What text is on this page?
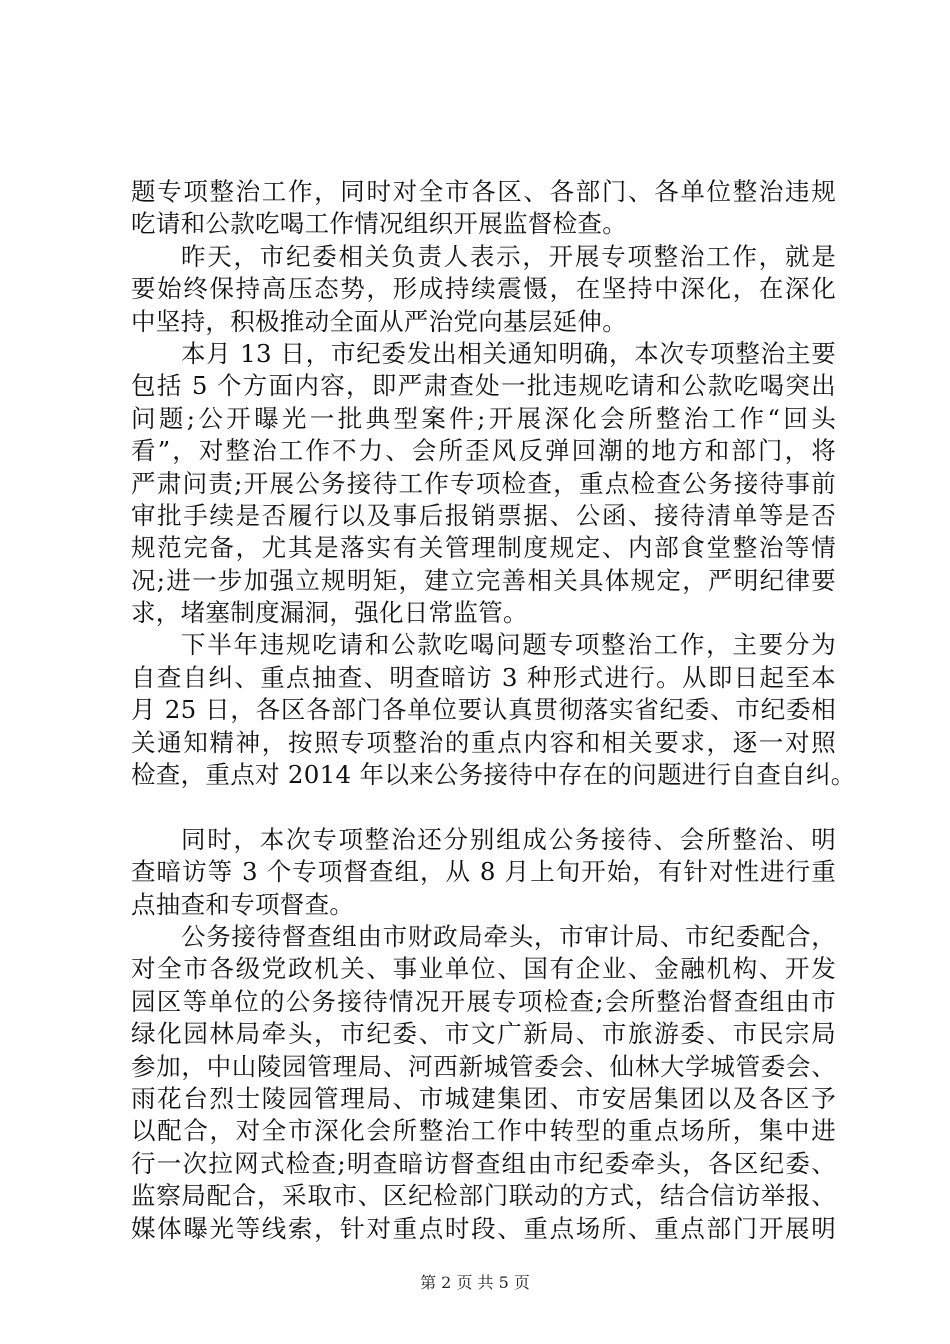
题专项整治工作，同时对全市各区、各部门、各单位整治违规
吃请和公款吃喝工作情况组织开展监督检查。
昨天，市纪委相关负责人表示，开展专项整治工作，就是
要始终保持高压态势，形成持续震慑，在坚持中深化，在深化
中坚持，积极推动全面从严治党向基层延伸。
本月 13 日，市纪委发出相关通知明确，本次专项整治主要
包括 5 个方面内容，即严肃查处一批违规吃请和公款吃喝突出
问题;公开曝光一批典型案件;开展深化会所整治工作“回头
看”，对整治工作不力、会所歪风反弹回潮的地方和部门，将
严肃问责;开展公务接待工作专项检查，重点检查公务接待事前
审批手续是否履行以及事后报销票据、公函、接待清单等是否
规范完备，尤其是落实有关管理制度规定、内部食堂整治等情
况;进一步加强立规明矩，建立完善相关具体规定，严明纪律要
求，堵塞制度漏洞，强化日常监管。
下半年违规吃请和公款吃喝问题专项整治工作，主要分为
自查自纠、重点抽查、明查暗访 3 种形式进行。从即日起至本
月 25 日，各区各部门各单位要认真贯彻落实省纪委、市纪委相
关通知精神，按照专项整治的重点内容和相关要求，逐一对照
检查，重点对 2014 年以来公务接待中存在的问题进行自查自纠。
同时，本次专项整治还分别组成公务接待、会所整治、明
查暗访等 3 个专项督查组，从 8 月上旬开始，有针对性进行重
点抽查和专项督查。
公务接待督查组由市财政局牵头，市审计局、市纪委配合，
对全市各级党政机关、事业单位、国有企业、金融机构、开发
园区等单位的公务接待情况开展专项检查;会所整治督查组由市
绿化园林局牵头，市纪委、市文广新局、市旅游委、市民宗局
参加，中山陵园管理局、河西新城管委会、仙林大学城管委会、
雨花台烈士陵园管理局、市城建集团、市安居集团以及各区予
以配合，对全市深化会所整治工作中转型的重点场所，集中进
行一次拉网式检查;明查暗访督查组由市纪委牵头，各区纪委、
监察局配合，采取市、区纪检部门联动的方式，结合信访举报、
媒体曝光等线索，针对重点时段、重点场所、重点部门开展明
第 2 页 共 5 页
